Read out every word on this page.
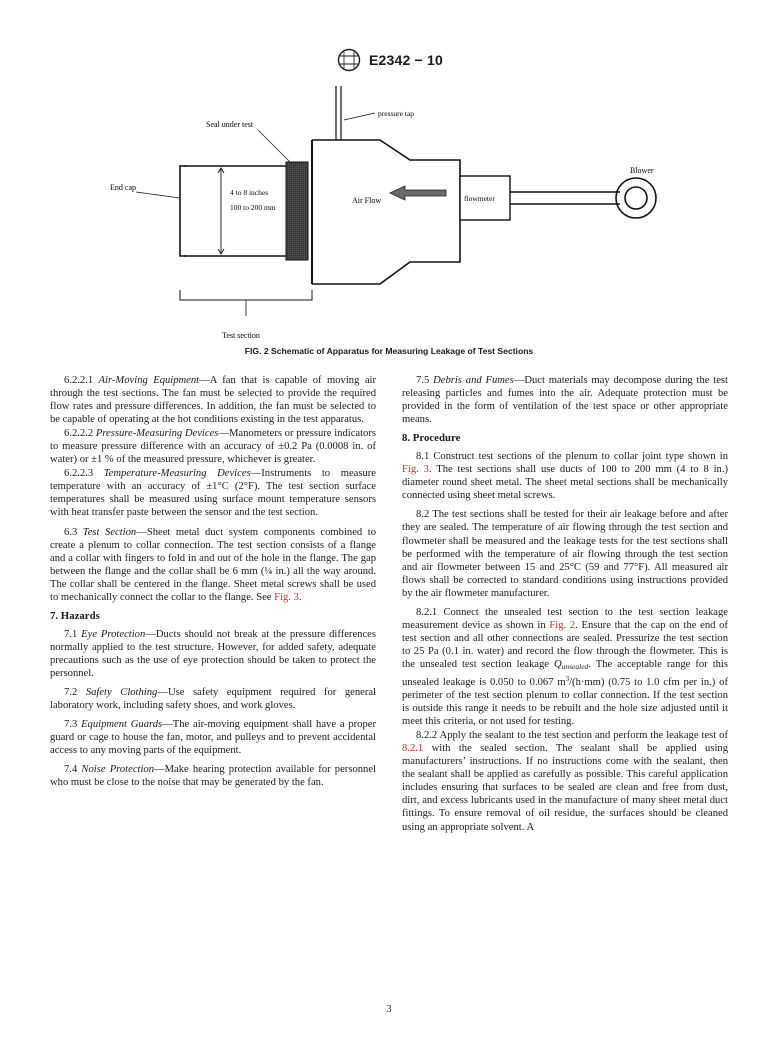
E2342 − 10
Seal under test
pressure tap
End cap
4 to 8 inches
100 to 200 mm
Air Flow	flowmeter
Blower
Test section
FIG. 2 Schematic of Apparatus for Measuring Leakage of Test Sections

6.2.2.1 Air-Moving Equipment—A fan that is capable of moving air through the test sections. The fan must be selected to provide the required flow rates and pressure differences. In addition, the fan must be selected to be capable of operating at the hot conditions existing in the test apparatus.

6.2.2.2 Pressure-Measuring Devices—Manometers or pressure indicators to measure pressure difference with an accuracy of ±0.2 Pa (0.0008 in. of water) or ±1 % of the measured pressure, whichever is greater.

6.2.2.3 Temperature-Measuring Devices—Instruments to measure temperature with an accuracy of ±1°C (2°F). The test section surface temperatures shall be measured using surface mount temperature sensors with heat transfer paste between the sensor and the test section.

6.3 Test Section—Sheet metal duct system components combined to create a plenum to collar connection. The test section consists of a flange and a collar with fingers to fold in and out of the hole in the flange. The gap between the flange and the collar shall be 6 mm (¼ in.) all the way around. The collar shall be centered in the flange. Sheet metal screws shall be used to mechanically connect the collar to the flange. See Fig. 3.

7. Hazards

7.1 Eye Protection—Ducts should not break at the pressure differences normally applied to the test structure. However, for added safety, adequate precautions such as the use of eye protection should be taken to protect the personnel.

7.2 Safety Clothing—Use safety equipment required for general laboratory work, including safety shoes, and work gloves.

7.3 Equipment Guards—The air-moving equipment shall have a proper guard or cage to house the fan, motor, and pulleys and to prevent accidental access to any moving parts of the equipment.

7.4 Noise Protection—Make hearing protection available for personnel who must be close to the noise that may be generated by the fan.

7.5 Debris and Fumes—Duct materials may decompose during the test releasing particles and fumes into the air. Adequate protection must be provided in the form of ventilation of the test space or other appropriate means.

8. Procedure

8.1 Construct test sections of the plenum to collar joint type shown in Fig. 3. The test sections shall use ducts of 100 to 200 mm (4 to 8 in.) diameter round sheet metal. The sheet metal sections shall be mechanically connected using sheet metal screws.

8.2 The test sections shall be tested for their air leakage before and after they are sealed. The temperature of air flowing through the test section and flowmeter shall be measured and the leakage tests for the test sections shall be performed with the temperature of air flowing through the test section and air flowmeter between 15 and 25°C (59 and 77°F). All measured air flows shall be corrected to standard conditions using instructions provided by the air flowmeter manufacturer.

8.2.1 Connect the unsealed test section to the test section leakage measurement device as shown in Fig. 2. Ensure that the cap on the end of test section and all other connections are sealed. Pressurize the test section to 25 Pa (0.1 in. water) and record the flow through the flowmeter. This is the unsealed test section leakage $Q_{unsealed}$. The acceptable range for this unsealed leakage is 0.050 to 0.067 $m^3/(h\cdot mm)$ (0.75 to 1.0 cfm per in.) of perimeter of the test section plenum to collar connection. If the test section is outside this range it needs to be rebuilt and the hole size adjusted until it meet this criteria, or not used for testing.

8.2.2 Apply the sealant to the test section and perform the leakage test of 8.2.1 with the sealed section. The sealant shall be applied using manufacturers’ instructions. If no instructions come with the sealant, then the sealant shall be applied as carefully as possible. This careful application includes ensuring that surfaces to be sealed are clean and free from dust, dirt, and excess lubricants used in the manufacture of many sheet metal duct fittings. To ensure removal of oil residue, the surfaces should be cleaned using an appropriate solvent. A

3
